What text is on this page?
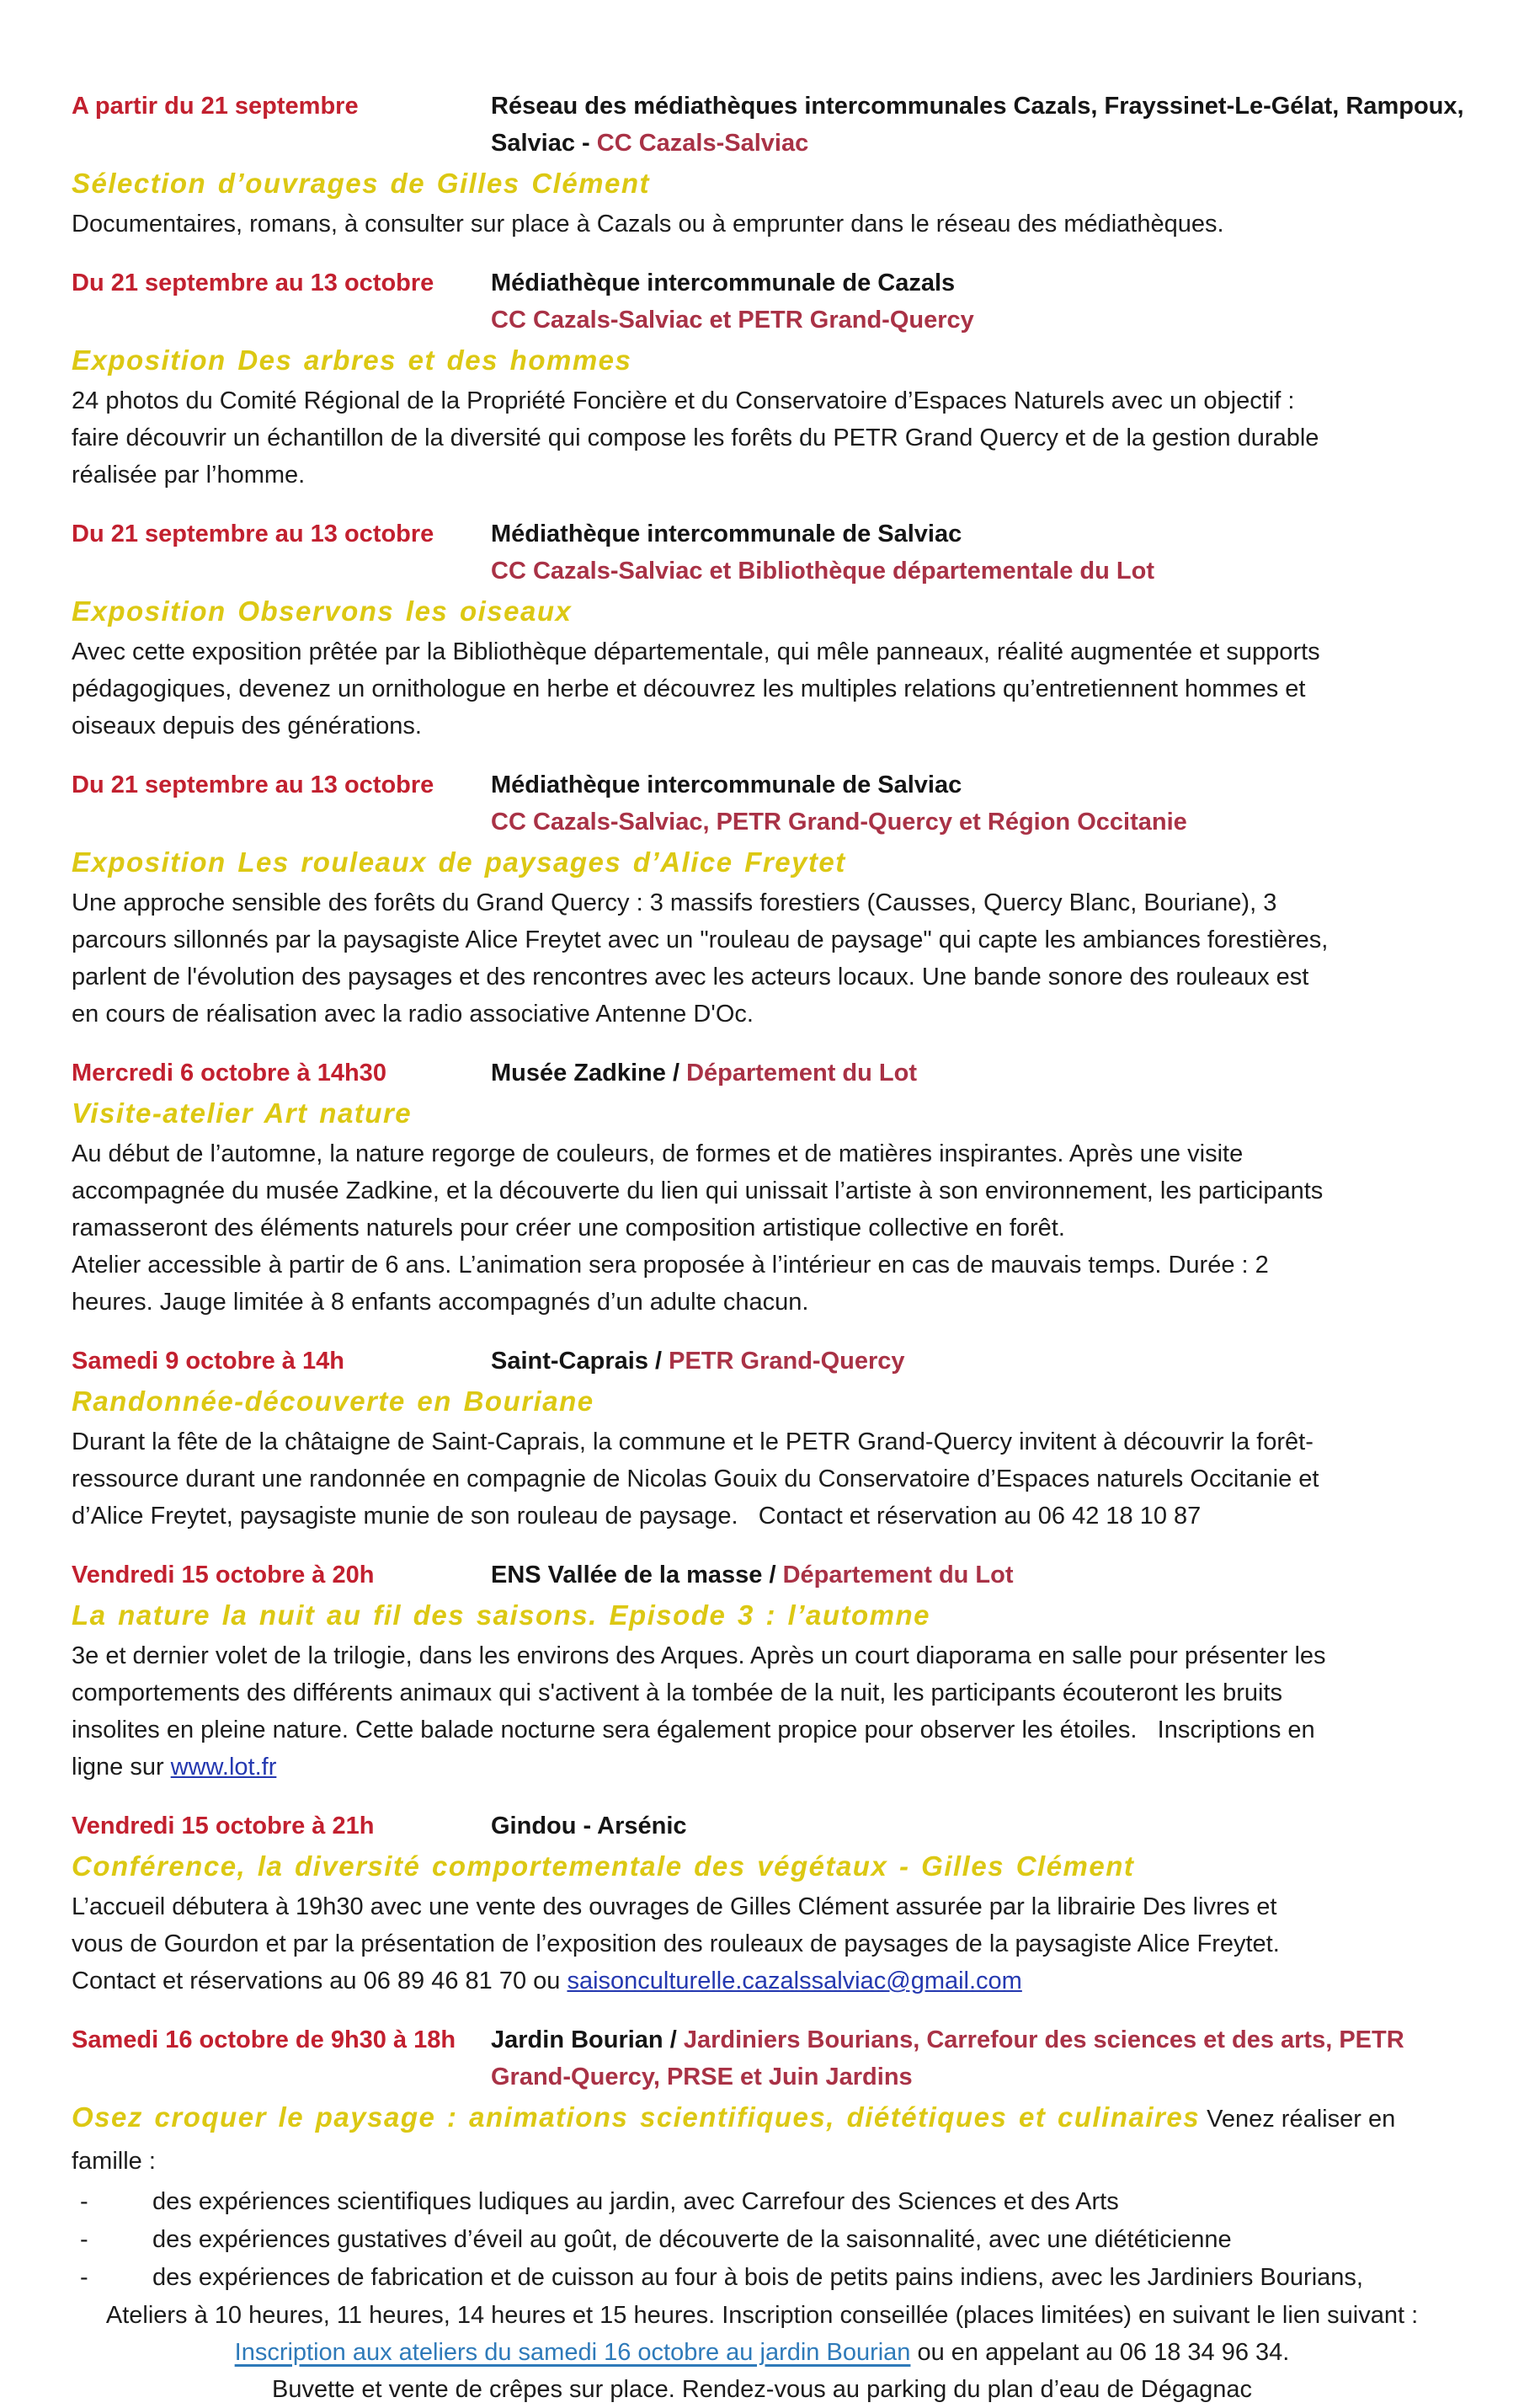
A partir du 21 septembre	Réseau des médiathèques intercommunales Cazals, Frayssinet-Le-Gélat, Rampoux,
Salviac - CC Cazals-Salviac
Sélection d’ouvrages de Gilles Clément

Documentaires, romans, à consulter sur place à Cazals ou à emprunter dans le réseau des médiathèques.

Du 21 septembre au 13 octobre	Médiathèque intercommunale de Cazals
CC Cazals-Salviac et PETR Grand-Quercy
Exposition Des arbres et des hommes

24 photos du Comité Régional de la Propriété Foncière et du Conservatoire d’Espaces Naturels avec un objectif : faire découvrir un échantillon de la diversité qui compose les forêts du PETR Grand Quercy et de la gestion durable réalisée par l’homme.

Du 21 septembre au 13 octobre	Médiathèque intercommunale de Salviac
CC Cazals-Salviac et Bibliothèque départementale du Lot
Exposition Observons les oiseaux

Avec cette exposition prêtée par la Bibliothèque départementale, qui mêle panneaux, réalité augmentée et supports pédagogiques, devenez un ornithologue en herbe et découvrez les multiples relations qu’entretiennent hommes et oiseaux depuis des générations.

Du 21 septembre au 13 octobre	Médiathèque intercommunale de Salviac
CC Cazals-Salviac, PETR Grand-Quercy et Région Occitanie
Exposition Les rouleaux de paysages d’Alice Freytet

Une approche sensible des forêts du Grand Quercy : 3 massifs forestiers (Causses, Quercy Blanc, Bouriane), 3 parcours sillonnés par la paysagiste Alice Freytet avec un "rouleau de paysage" qui capte les ambiances forestières, parlent de l'évolution des paysages et des rencontres avec les acteurs locaux. Une bande sonore des rouleaux est en cours de réalisation avec la radio associative Antenne D'Oc.

Mercredi 6 octobre à 14h30	Musée Zadkine / Département du Lot
Visite-atelier Art nature

Au début de l’automne, la nature regorge de couleurs, de formes et de matières inspirantes. Après une visite accompagnée du musée Zadkine, et la découverte du lien qui unissait l’artiste à son environnement, les participants ramasseront des éléments naturels pour créer une composition artistique collective en forêt.

Atelier accessible à partir de 6 ans. L’animation sera proposée à l’intérieur en cas de mauvais temps. Durée : 2 heures. Jauge limitée à 8 enfants accompagnés d’un adulte chacun.

Samedi 9 octobre à 14h	Saint-Caprais / PETR Grand-Quercy
Randonnée-découverte en Bouriane

Durant la fête de la châtaigne de Saint-Caprais, la commune et le PETR Grand-Quercy invitent à découvrir la forêt-ressource durant une randonnée en compagnie de Nicolas Gouix du Conservatoire d’Espaces naturels Occitanie et d’Alice Freytet, paysagiste munie de son rouleau de paysage.   Contact et réservation au 06 42 18 10 87

Vendredi 15 octobre à 20h	ENS Vallée de la masse / Département du Lot
La nature la nuit au fil des saisons. Episode 3 : l’automne

3e et dernier volet de la trilogie, dans les environs des Arques. Après un court diaporama en salle pour présenter les comportements des différents animaux qui s'activent à la tombée de la nuit, les participants écouteront les bruits insolites en pleine nature. Cette balade nocturne sera également propice pour observer les étoiles.   Inscriptions en ligne sur www.lot.fr

Vendredi 15 octobre à 21h	Gindou - Arsénic
Conférence, la diversité comportementale des végétaux - Gilles Clément

L’accueil débutera à 19h30 avec une vente des ouvrages de Gilles Clément assurée par la librairie Des livres et vous de Gourdon et par la présentation de l’exposition des rouleaux de paysages de la paysagiste Alice Freytet.

Contact et réservations au 06 89 46 81 70 ou saisonculturelle.cazalssalviac@gmail.com

Samedi 16 octobre de 9h30 à 18h	Jardin Bourian / Jardiniers Bourians, Carrefour des sciences et des arts, PETR
Grand-Quercy, PRSE et Juin Jardins
Osez croquer le paysage : animations scientifiques, diététiques et culinaires Venez réaliser en famille :
-	des expériences scientifiques ludiques au jardin, avec Carrefour des Sciences et des Arts
-	des expériences gustatives d’éveil au goût, de découverte de la saisonnalité, avec une diététicienne
-	des expériences de fabrication et de cuisson au four à bois de petits pains indiens, avec les Jardiniers Bourians,

Ateliers à 10 heures, 11 heures, 14 heures et 15 heures. Inscription conseillée (places limitées) en suivant le lien suivant :

Inscription aux ateliers du samedi 16 octobre au jardin Bourian ou en appelant au 06 18 34 96 34.

Buvette et vente de crêpes sur place. Rendez-vous au parking du plan d’eau de Dégagnac
